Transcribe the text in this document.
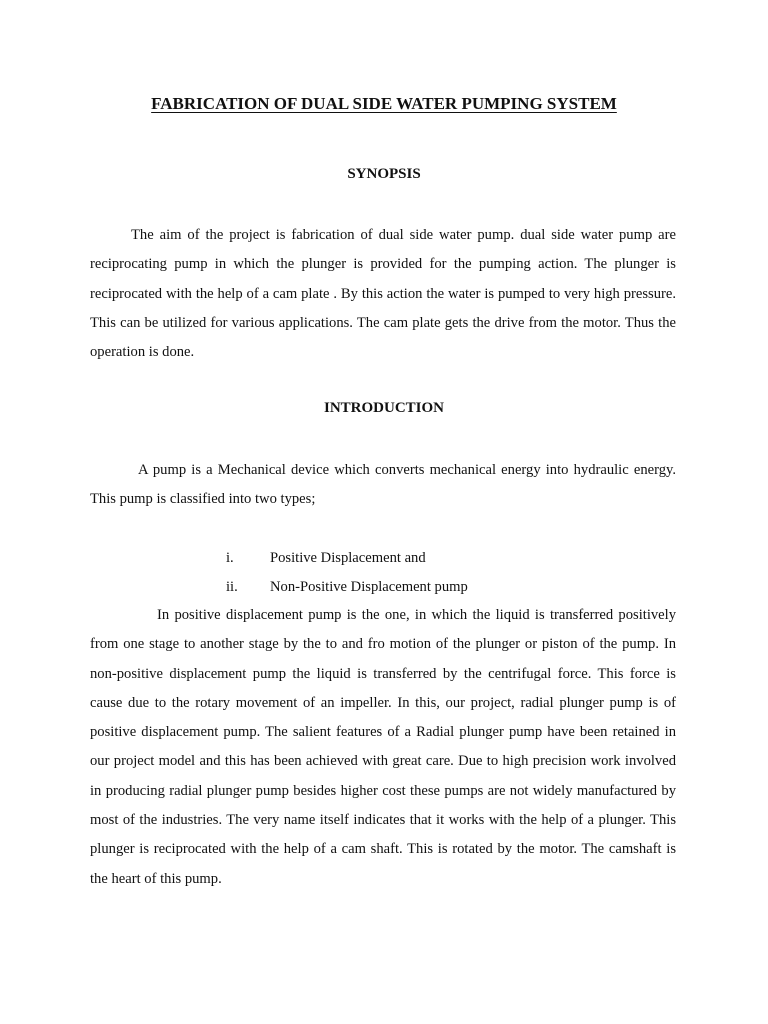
FABRICATION OF DUAL SIDE WATER PUMPING SYSTEM
SYNOPSIS

The aim of the project is fabrication of dual side water pump. dual side water pump are reciprocating pump in which the plunger is provided for the pumping action. The plunger is reciprocated with the help of a cam plate . By this action the water is pumped to very high pressure. This can be utilized for various applications. The cam plate gets the drive from the motor. Thus the operation is done.

INTRODUCTION

A pump is a Mechanical device which converts mechanical energy into hydraulic energy. This pump is classified into two types;

i. Positive Displacement and
ii. Non-Positive Displacement pump

In positive displacement pump is the one, in which the liquid is transferred positively from one stage to another stage by the to and fro motion of the plunger or piston of the pump. In non-positive displacement pump the liquid is transferred by the centrifugal force. This force is cause due to the rotary movement of an impeller. In this, our project, radial plunger pump is of positive displacement pump. The salient features of a Radial plunger pump have been retained in our project model and this has been achieved with great care. Due to high precision work involved in producing radial plunger pump besides higher cost these pumps are not widely manufactured by most of the industries. The very name itself indicates that it works with the help of a plunger. This plunger is reciprocated with the help of a cam shaft. This is rotated by the motor. The camshaft is the heart of this pump.
